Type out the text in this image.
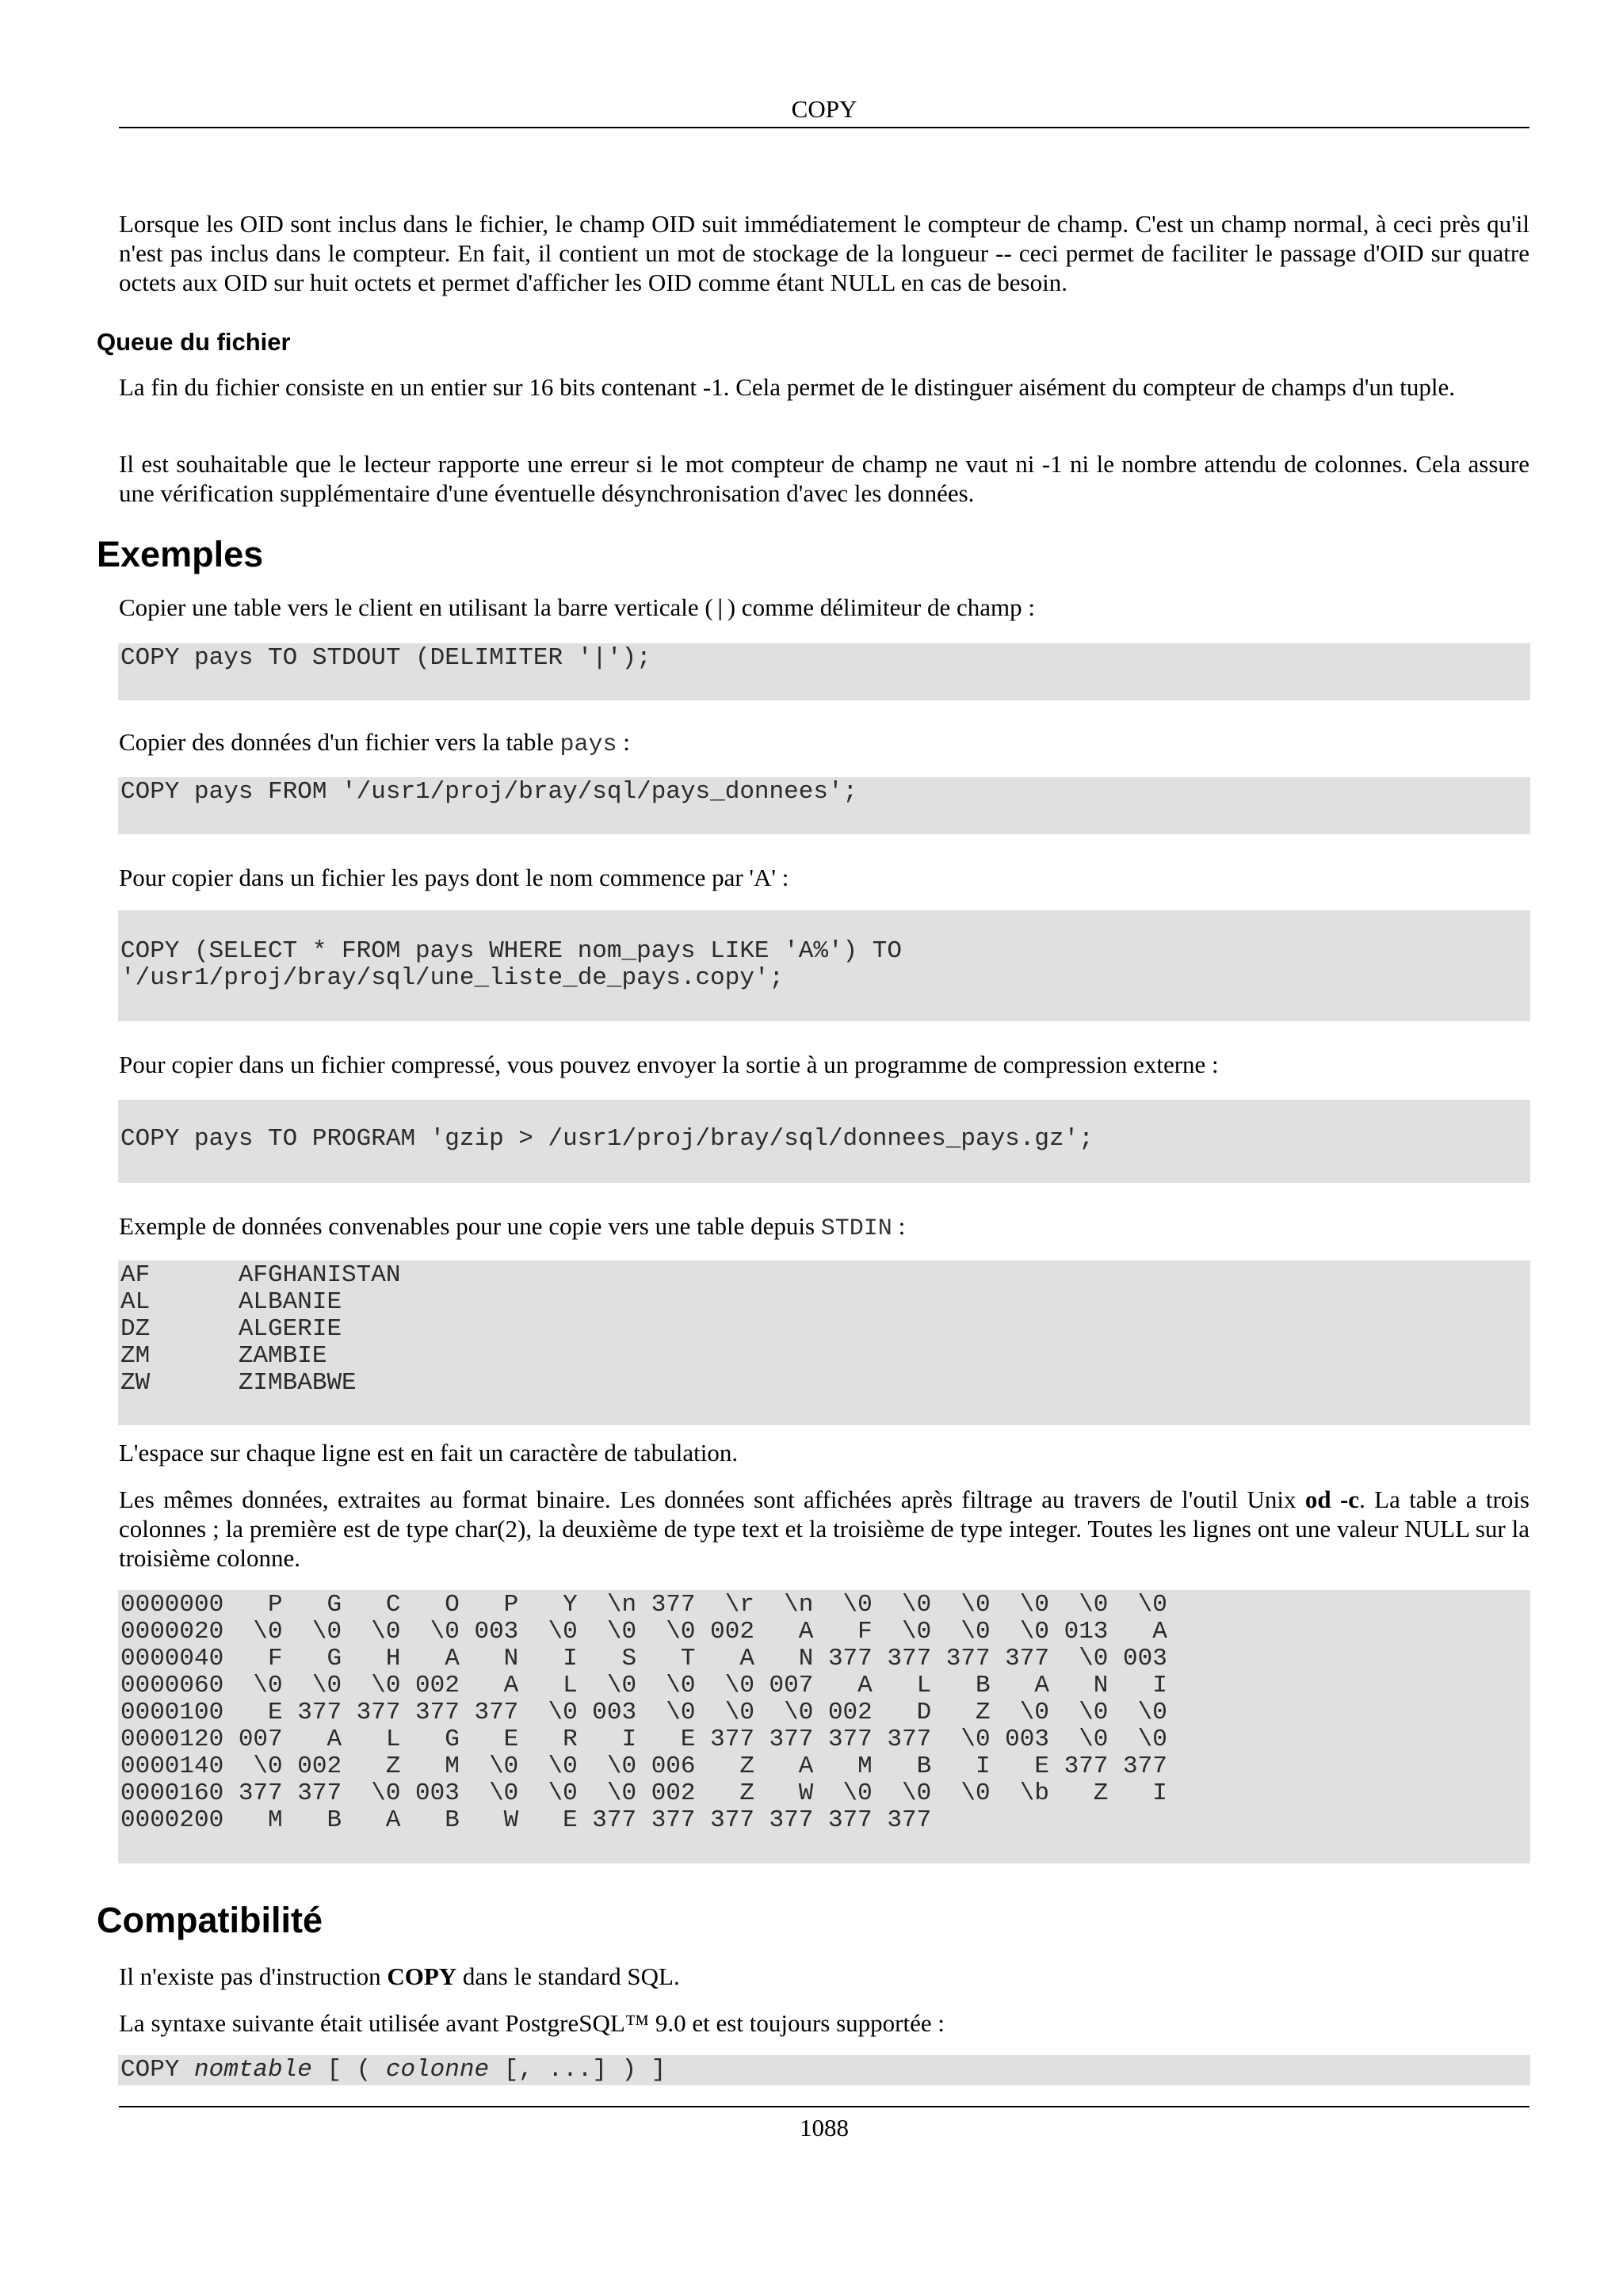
COPY

Lorsque les OID sont inclus dans le fichier, le champ OID suit immédiatement le compteur de champ. C'est un champ normal, à ceci près qu'il n'est pas inclus dans le compteur. En fait, il contient un mot de stockage de la longueur -- ceci permet de faciliter le passage d'OID sur quatre octets aux OID sur huit octets et permet d'afficher les OID comme étant NULL en cas de besoin.

Queue du fichier

La fin du fichier consiste en un entier sur 16 bits contenant -1. Cela permet de le distinguer aisément du compteur de champs d'un tuple.

Il est souhaitable que le lecteur rapporte une erreur si le mot compteur de champ ne vaut ni -1 ni le nombre attendu de colonnes. Cela assure une vérification supplémentaire d'une éventuelle désynchronisation d'avec les données.

Exemples

Copier une table vers le client en utilisant la barre verticale (|) comme délimiteur de champ :

COPY pays TO STDOUT (DELIMITER '|');

Copier des données d'un fichier vers la table pays :

COPY pays FROM '/usr1/proj/bray/sql/pays_donnees';

Pour copier dans un fichier les pays dont le nom commence par 'A' :

COPY (SELECT * FROM pays WHERE nom_pays LIKE 'A%') TO
'/usr1/proj/bray/sql/une_liste_de_pays.copy';

Pour copier dans un fichier compressé, vous pouvez envoyer la sortie à un programme de compression externe :

COPY pays TO PROGRAM 'gzip > /usr1/proj/bray/sql/donnees_pays.gz';

Exemple de données convenables pour une copie vers une table depuis STDIN :

AF      AFGHANISTAN
AL      ALBANIE
DZ      ALGERIE
ZM      ZAMBIE
ZW      ZIMBABWE

L'espace sur chaque ligne est en fait un caractère de tabulation.

Les mêmes données, extraites au format binaire. Les données sont affichées après filtrage au travers de l'outil Unix od -c. La table a trois colonnes ; la première est de type char(2), la deuxième de type text et la troisième de type integer. Toutes les lignes ont une valeur NULL sur la troisième colonne.

0000000   P   G   C   O   P   Y  \n 377  \r  \n  \0  \0  \0  \0  \0  \0
0000020  \0  \0  \0  \0 003  \0  \0  \0 002   A   F  \0  \0  \0 013   A
0000040   F   G   H   A   N   I   S   T   A   N 377 377 377 377  \0 003
0000060  \0  \0  \0 002   A   L  \0  \0  \0 007   A   L   B   A   N   I
0000100   E 377 377 377 377  \0 003  \0  \0  \0 002   D   Z  \0  \0  \0
0000120 007   A   L   G   E   R   I   E 377 377 377 377  \0 003  \0  \0
0000140  \0 002   Z   M  \0  \0  \0 006   Z   A   M   B   I   E 377 377
0000160 377 377  \0 003  \0  \0  \0 002   Z   W  \0  \0  \0  \b   Z   I
0000200   M   B   A   B   W   E 377 377 377 377 377 377
Compatibilité

Il n'existe pas d'instruction COPY dans le standard SQL.

La syntaxe suivante était utilisée avant PostgreSQL™ 9.0 et est toujours supportée :

COPY nomtable [ ( colonne [, ...] ) ]
1088
